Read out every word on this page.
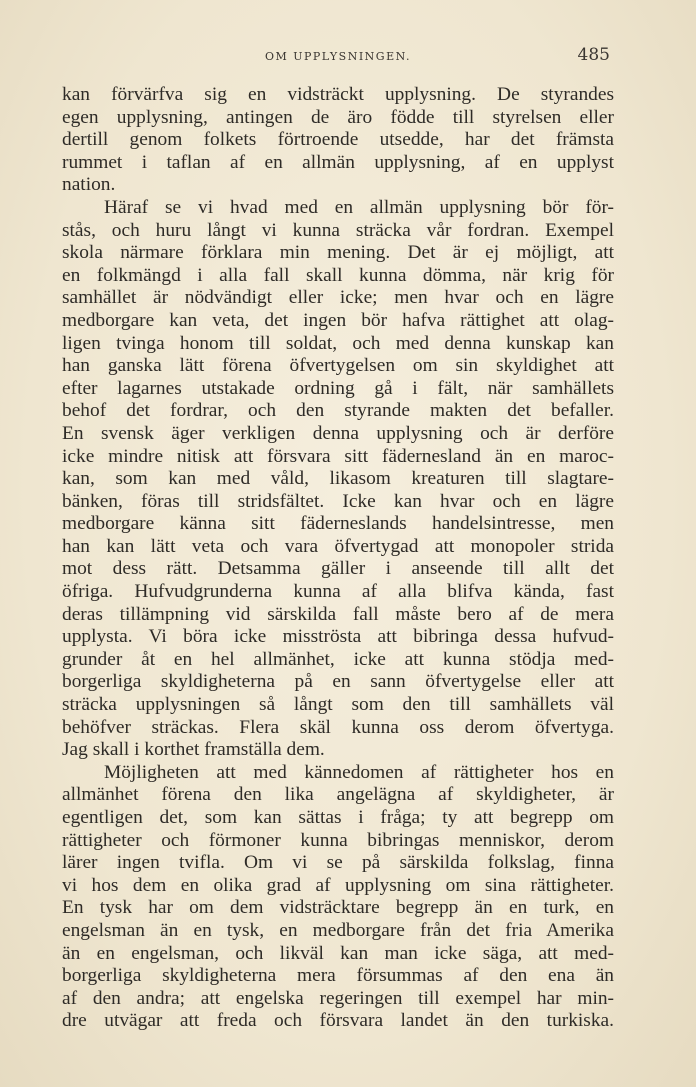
OM UPPLYSNINGEN.	485
kan förvärfva sig en vidsträckt upplysning. De styrandes
egen upplysning, antingen de äro födde till styrelsen eller
dertill genom folkets förtroende utsedde, har det främsta
rummet i taflan af en allmän upplysning, af en upplyst
nation.
Häraf se vi hvad med en allmän upplysning bör för-
stås, och huru långt vi kunna sträcka vår fordran. Exempel
skola närmare förklara min mening. Det är ej möjligt, att
en folkmängd i alla fall skall kunna dömma, när krig för
samhället är nödvändigt eller icke; men hvar och en lägre
medborgare kan veta, det ingen bör hafva rättighet att olag-
ligen tvinga honom till soldat, och med denna kunskap kan
han ganska lätt förena öfvertygelsen om sin skyldighet att
efter lagarnes utstakade ordning gå i fält, när samhällets
behof det fordrar, och den styrande makten det befaller.
En svensk äger verkligen denna upplysning och är derföre
icke mindre nitisk att försvara sitt fädernesland än en maroc-
kan, som kan med våld, likasom kreaturen till slagtare-
bänken, föras till stridsfältet. Icke kan hvar och en lägre
medborgare känna sitt fäderneslands handelsintresse, men
han kan lätt veta och vara öfvertygad att monopoler strida
mot dess rätt. Detsamma gäller i anseende till allt det
öfriga. Hufvudgrunderna kunna af alla blifva kända, fast
deras tillämpning vid särskilda fall måste bero af de mera
upplysta. Vi böra icke misströsta att bibringa dessa hufvud-
grunder åt en hel allmänhet, icke att kunna stödja med-
borgerliga skyldigheterna på en sann öfvertygelse eller att
sträcka upplysningen så långt som den till samhällets väl
behöfver sträckas. Flera skäl kunna oss derom öfvertyga.
Jag skall i korthet framställa dem.
Möjligheten att med kännedomen af rättigheter hos en
allmänhet förena den lika angelägna af skyldigheter, är
egentligen det, som kan sättas i fråga; ty att begrepp om
rättigheter och förmoner kunna bibringas menniskor, derom
lärer ingen tvifla. Om vi se på särskilda folkslag, finna
vi hos dem en olika grad af upplysning om sina rättigheter.
En tysk har om dem vidsträcktare begrepp än en turk, en
engelsman än en tysk, en medborgare från det fria Amerika
än en engelsman, och likväl kan man icke säga, att med-
borgerliga skyldigheterna mera försummas af den ena än
af den andra; att engelska regeringen till exempel har min-
dre utvägar att freda och försvara landet än den turkiska.
